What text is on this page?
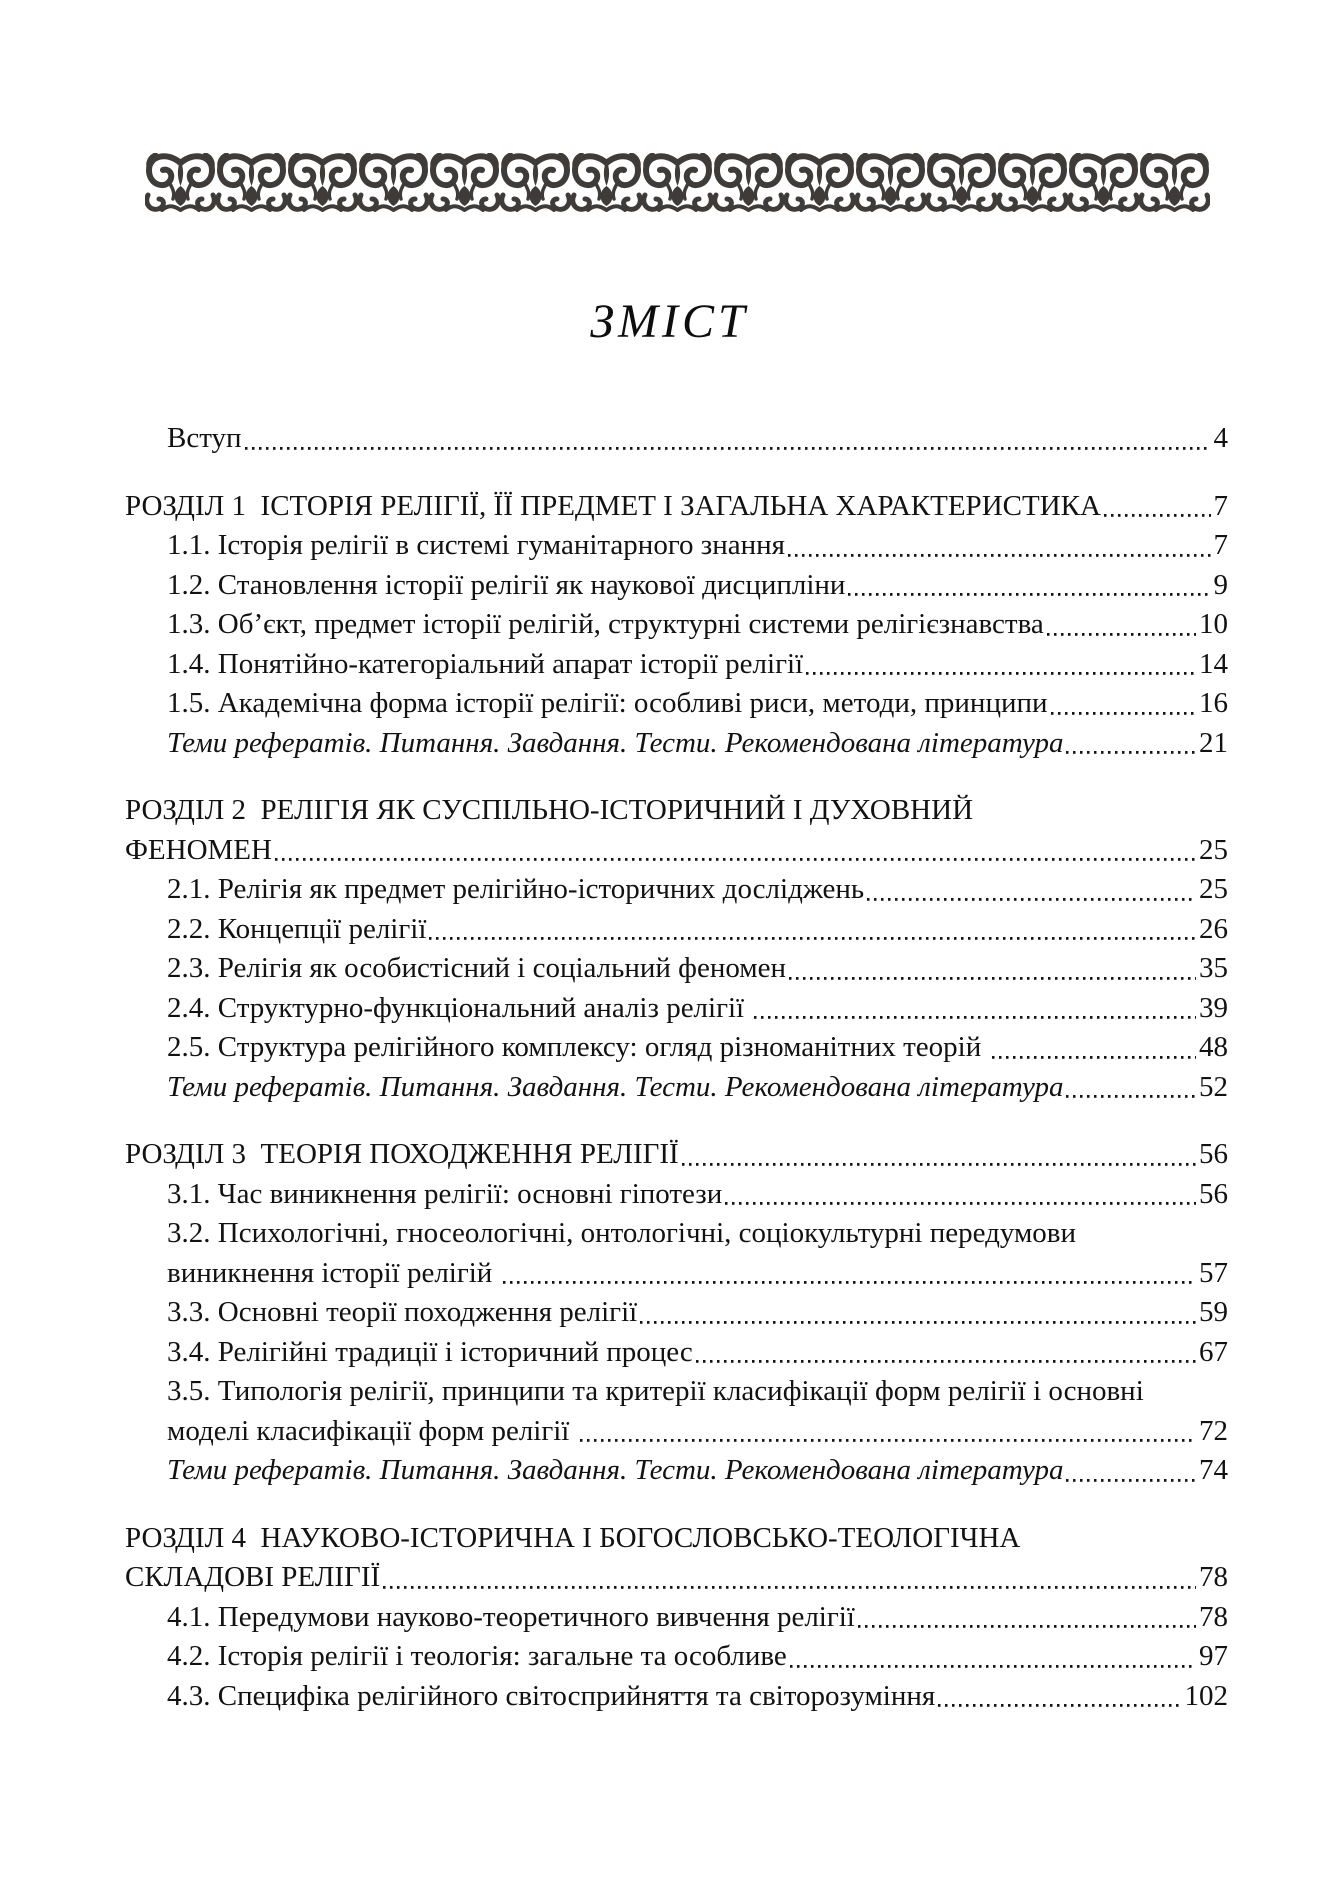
ЗМІСТ
Вступ	4
РОЗДІЛ 1  ІСТОРІЯ РЕЛІГІЇ, ЇЇ ПРЕДМЕТ І ЗАГАЛЬНА ХАРАКТЕРИСТИКА	7
1.1. Історія релігії в системі гуманітарного знання	7
1.2. Становлення історії релігії як наукової дисципліни	9
1.3. Об’єкт, предмет історії релігій, структурні системи релігієзнавства	10
1.4. Понятійно-категоріальний апарат історії релігії	14
1.5. Академічна форма історії релігії: особливі риси, методи, принципи	16
Теми рефератів. Питання. Завдання. Тести. Рекомендована література	21
РОЗДІЛ 2  РЕЛІГІЯ ЯК СУСПІЛЬНО-ІСТОРИЧНИЙ І ДУХОВНИЙ
ФЕНОМЕН	25
2.1. Релігія як предмет релігійно-історичних досліджень	25
2.2. Концепції релігії	26
2.3. Релігія як особистісний і соціальний феномен	35
2.4. Структурно-функціональний аналіз релігії	39
2.5. Структура релігійного комплексу: огляд різноманітних теорій	48
Теми рефератів. Питання. Завдання. Тести. Рекомендована література	52
РОЗДІЛ 3  ТЕОРІЯ ПОХОДЖЕННЯ РЕЛІГІЇ	56
3.1. Час виникнення релігії: основні гіпотези	56
3.2. Психологічні, гносеологічні, онтологічні, соціокультурні передумови
виникнення історії релігій	57
3.3. Основні теорії походження релігії	59
3.4. Релігійні традиції і історичний процес	67
3.5. Типологія релігії, принципи та критерії класифікації форм релігії і основні
моделі класифікації форм релігії	72
Теми рефератів. Питання. Завдання. Тести. Рекомендована література	74
РОЗДІЛ 4  НАУКОВО-ІСТОРИЧНА І БОГОСЛОВСЬКО-ТЕОЛОГІЧНА
СКЛАДОВІ РЕЛІГІЇ	78
4.1. Передумови науково-теоретичного вивчення релігії	78
4.2. Історія релігії і теологія: загальне та особливе	97
4.3. Специфіка релігійного світосприйняття та світорозуміння	102
